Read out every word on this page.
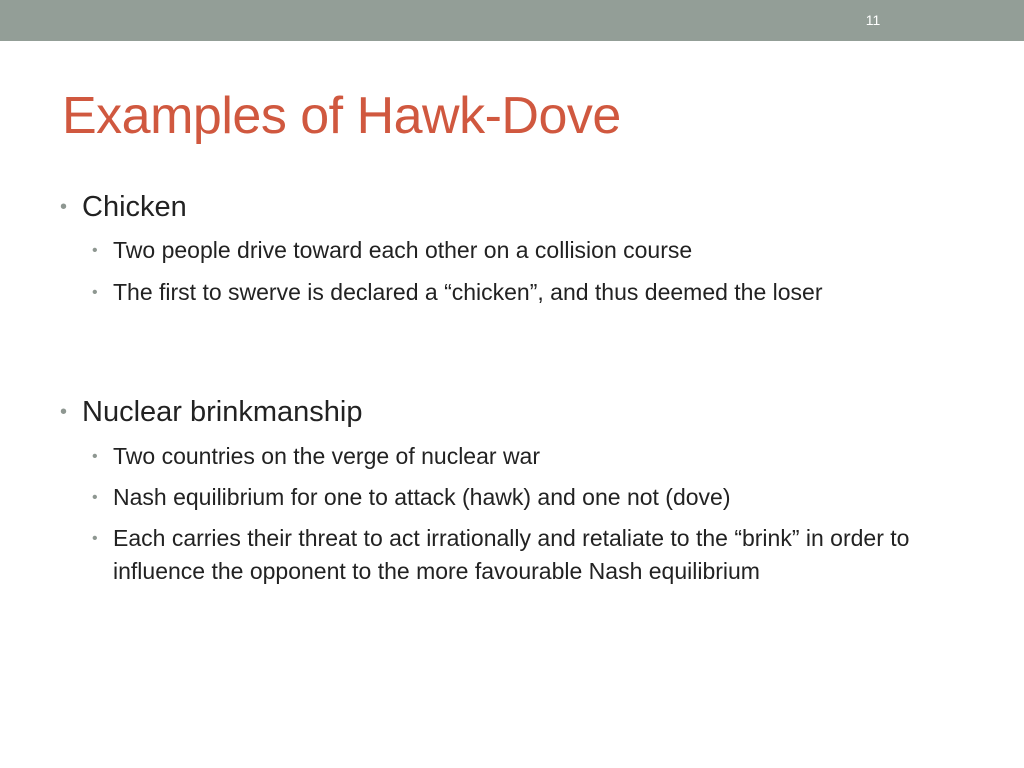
11
Examples of Hawk-Dove
• Chicken
• Two people drive toward each other on a collision course
• The first to swerve is declared a “chicken”, and thus deemed the loser
• Nuclear brinkmanship
• Two countries on the verge of nuclear war
• Nash equilibrium for one to attack (hawk) and one not (dove)
• Each carries their threat to act irrationally and retaliate to the “brink” in order to influence the opponent to the more favourable Nash equilibrium
